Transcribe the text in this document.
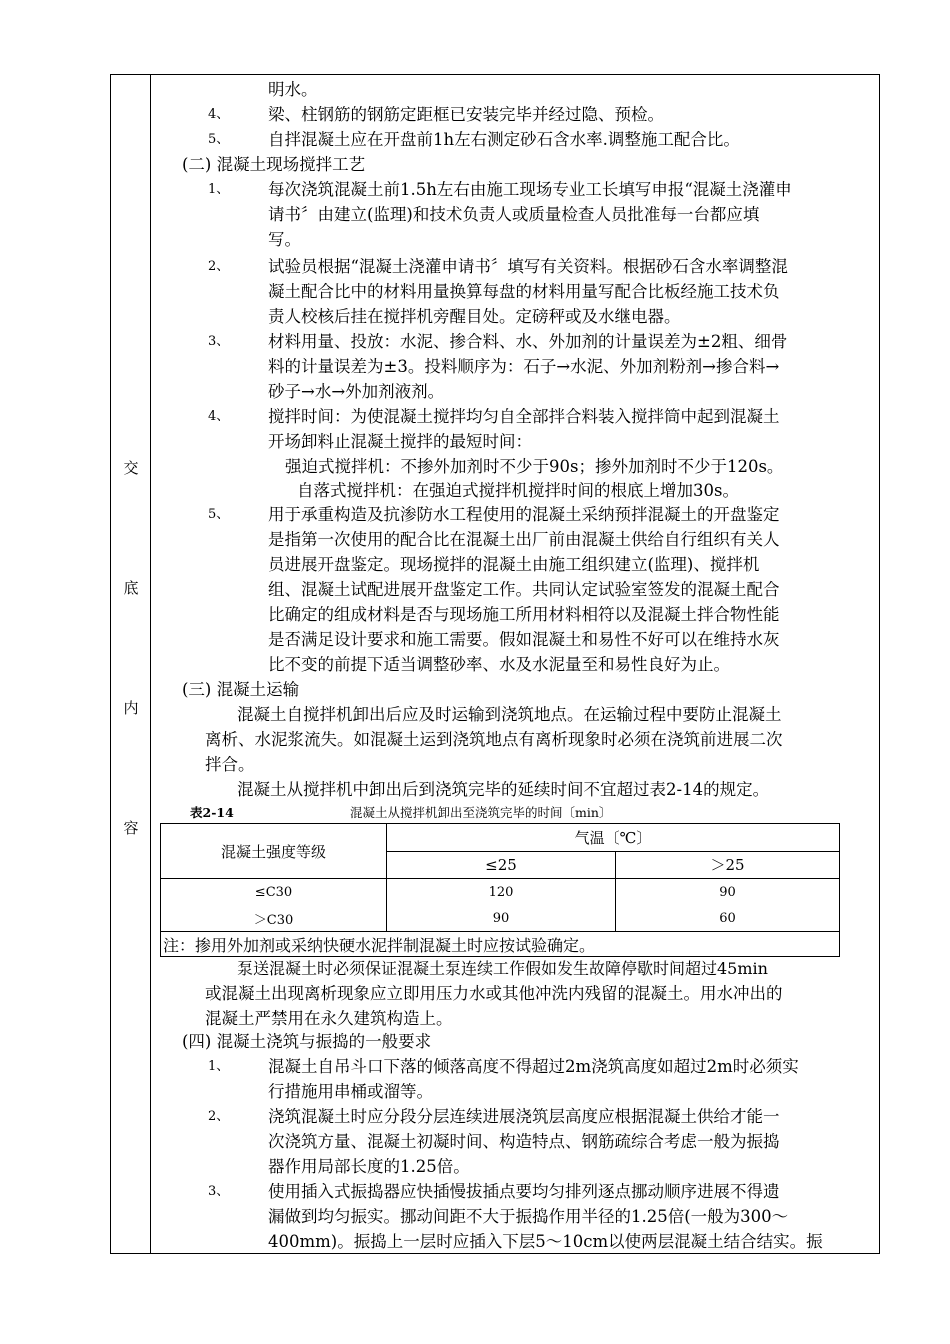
交
底
内
容
明水。
4、 梁、柱钢筋的钢筋定距框已安装完毕并经过隐、预检。
5、 自拌混凝土应在开盘前1h左右测定砂石含水率.调整施工配合比。
(二) 混凝土现场搅拌工艺
1、 每次浇筑混凝土前1.5h左右由施工现场专业工长填写申报“混凝土浇灌申
请书〞由建立(监理)和技术负责人或质量检查人员批准每一台都应填
写。
2、 试验员根据“混凝土浇灌申请书〞填写有关资料。根据砂石含水率调整混
凝土配合比中的材料用量换算每盘的材料用量写配合比板经施工技术负
责人校核后挂在搅拌机旁醒目处。定磅秤或及水继电器。
3、 材料用量、投放：水泥、掺合料、水、外加剂的计量误差为±2粗、细骨
料的计量误差为±3。投料顺序为：石子→水泥、外加剂粉剂→掺合料→
砂子→水→外加剂液剂。
4、 搅拌时间：为使混凝土搅拌均匀自全部拌合料装入搅拌筒中起到混凝土
开场卸料止混凝土搅拌的最短时间：
强迫式搅拌机：不掺外加剂时不少于90s；掺外加剂时不少于120s。
自落式搅拌机：在强迫式搅拌机搅拌时间的根底上增加30s。
5、 用于承重构造及抗渗防水工程使用的混凝土采纳预拌混凝土的开盘鉴定
是指第一次使用的配合比在混凝土出厂前由混凝土供给自行组织有关人
员进展开盘鉴定。现场搅拌的混凝土由施工组织建立(监理)、搅拌机
组、混凝土试配进展开盘鉴定工作。共同认定试验室签发的混凝土配合
比确定的组成材料是否与现场施工所用材料相符以及混凝土拌合物性能
是否满足设计要求和施工需要。假如混凝土和易性不好可以在维持水灰
比不变的前提下适当调整砂率、水及水泥量至和易性良好为止。
(三) 混凝土运输
混凝土自搅拌机卸出后应及时运输到浇筑地点。在运输过程中要防止混凝土
离析、水泥浆流失。如混凝土运到浇筑地点有离析现象时必须在浇筑前进展二次
拌合。
混凝土从搅拌机中卸出后到浇筑完毕的延续时间不宜超过表2-14的规定。
表2-14	混凝土从搅拌机卸出至浇筑完毕的时间〔min〕
混凝土强度等级	气温〔℃〕	
	≤25	＞25
≤C30	120	90
＞C30	90	60
注：掺用外加剂或采纳快硬水泥拌制混凝土时应按试验确定。		
泵送混凝土时必须保证混凝土泵连续工作假如发生故障停歇时间超过45min
或混凝土出现离析现象应立即用压力水或其他冲洗内残留的混凝土。用水冲出的
混凝土严禁用在永久建筑构造上。
(四) 混凝土浇筑与振捣的一般要求
1、 混凝土自吊斗口下落的倾落高度不得超过2m浇筑高度如超过2m时必须实
行措施用串桶或溜等。
2、 浇筑混凝土时应分段分层连续进展浇筑层高度应根据混凝土供给才能一
次浇筑方量、混凝土初凝时间、构造特点、钢筋疏综合考虑一般为振捣
器作用局部长度的1.25倍。
3、 使用插入式振捣器应快插慢拔插点要均匀排列逐点挪动顺序进展不得遗
漏做到均匀振实。挪动间距不大于振捣作用半径的1.25倍(一般为300～
400mm)。振捣上一层时应插入下层5～10cm以使两层混凝土结合结实。振
